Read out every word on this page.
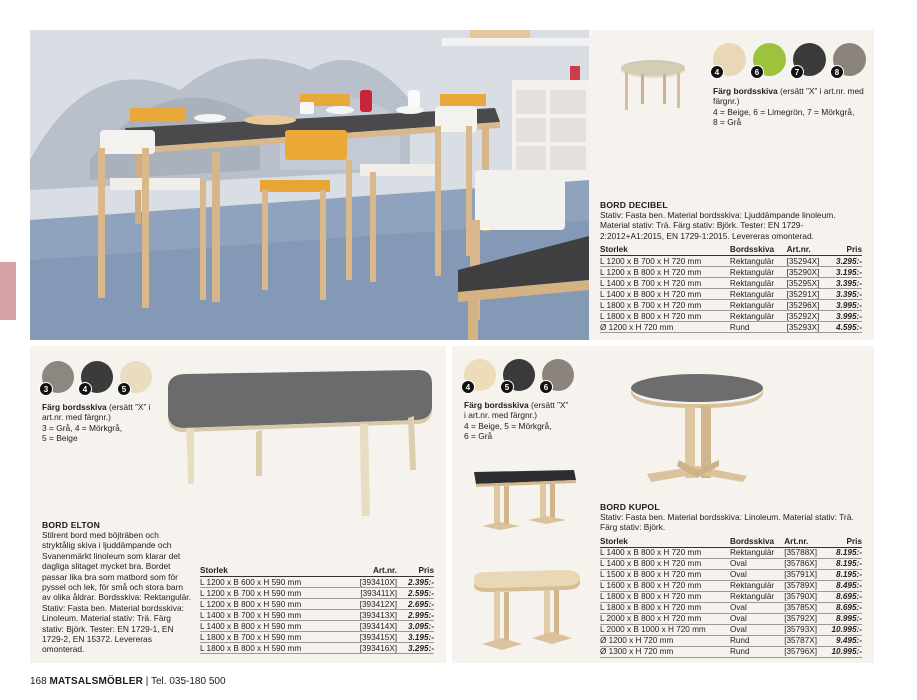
4	6	7	8
Färg bordsskiva (ersätt ”X” i art.nr. med färgnr.)
4 = Beige, 6 = Limegrön, 7 = Mörkgrå,
8 = Grå
BORD DECIBEL
Stativ: Fasta ben. Material bordsskiva: Ljuddämpande linoleum. Material stativ: Trä. Färg stativ: Björk. Tester: EN 1729-2:2012+A1:2015, EN 1729-1:2015. Levereras omonterad.
Storlek	Bordsskiva	Art.nr.	Pris
L 1200 x B 700 x H 720 mm	Rektangulär	[35294X]	3.295:-
L 1200 x B 800 x H 720 mm	Rektangulär	[35290X]	3.195:-
L 1400 x B 700 x H 720 mm	Rektangulär	[35295X]	3.395:-
L 1400 x B 800 x H 720 mm	Rektangulär	[35291X]	3.395:-
L 1800 x B 700 x H 720 mm	Rektangulär	[35296X]	3.995:-
L 1800 x B 800 x H 720 mm	Rektangulär	[35292X]	3.995:-
Ø 1200 x H 720 mm	Rund	[35293X]	4.595:-
3	4	5
Färg bordsskiva (ersätt ”X” i
art.nr. med färgnr.)
3 = Grå, 4 = Mörkgrå,
5 = Beige
BORD ELTON
Stilrent bord med böjträben och stryktålig skiva i ljuddämpande och Svanenmärkt linoleum som klarar det dagliga slitaget mycket bra. Bordet passar lika bra som matbord som för pyssel och lek, för små och stora barn av olika åldrar. Bordsskiva: Rektangulär. Stativ: Fasta ben. Material bordsskiva: Linoleum. Material stativ: Trä. Färg stativ: Björk. Tester: EN 1729-1, EN 1729-2, EN 15372. Levereras omonterad.
Storlek	Art.nr.	Pris
L 1200 x B 600 x H 590 mm	[393410X]	2.395:-
L 1200 x B 700 x H 590 mm	[393411X]	2.595:-
L 1200 x B 800 x H 590 mm	[393412X]	2.695:-
L 1400 x B 700 x H 590 mm	[393413X]	2.995:-
L 1400 x B 800 x H 590 mm	[393414X]	3.095:-
L 1800 x B 700 x H 590 mm	[393415X]	3.195:-
L 1800 x B 800 x H 590 mm	[393416X]	3.295:-
4	5	6
Färg bordsskiva (ersätt ”X”
i art.nr. med färgnr.)
4 = Beige, 5 = Mörkgrå,
6 = Grå
BORD KUPOL
Stativ: Fasta ben. Material bordsskiva: Linoleum. Material stativ: Trä. Färg stativ: Björk.
Storlek	Bordsskiva	Art.nr.	Pris
L 1400 x B 800 x H 720 mm	Rektangulär	[35788X]	8.195:-
L 1400 x B 800 x H 720 mm	Oval	[35786X]	8.195:-
L 1500 x B 800 x H 720 mm	Oval	[35791X]	8.195:-
L 1600 x B 800 x H 720 mm	Rektangulär	[35789X]	8.495:-
L 1800 x B 800 x H 720 mm	Rektangulär	[35790X]	8.695:-
L 1800 x B 800 x H 720 mm	Oval	[35785X]	8.695:-
L 2000 x B 800 x H 720 mm	Oval	[35792X]	8.995:-
L 2000 x B 1000 x H 720 mm	Oval	[35793X]	10.995:-
Ø 1200 x H 720 mm	Rund	[35787X]	9.495:-
Ø 1300 x H 720 mm	Rund	[35796X]	10.995:-
168 MATSALSMÖBLER | Tel. 035-180 500
